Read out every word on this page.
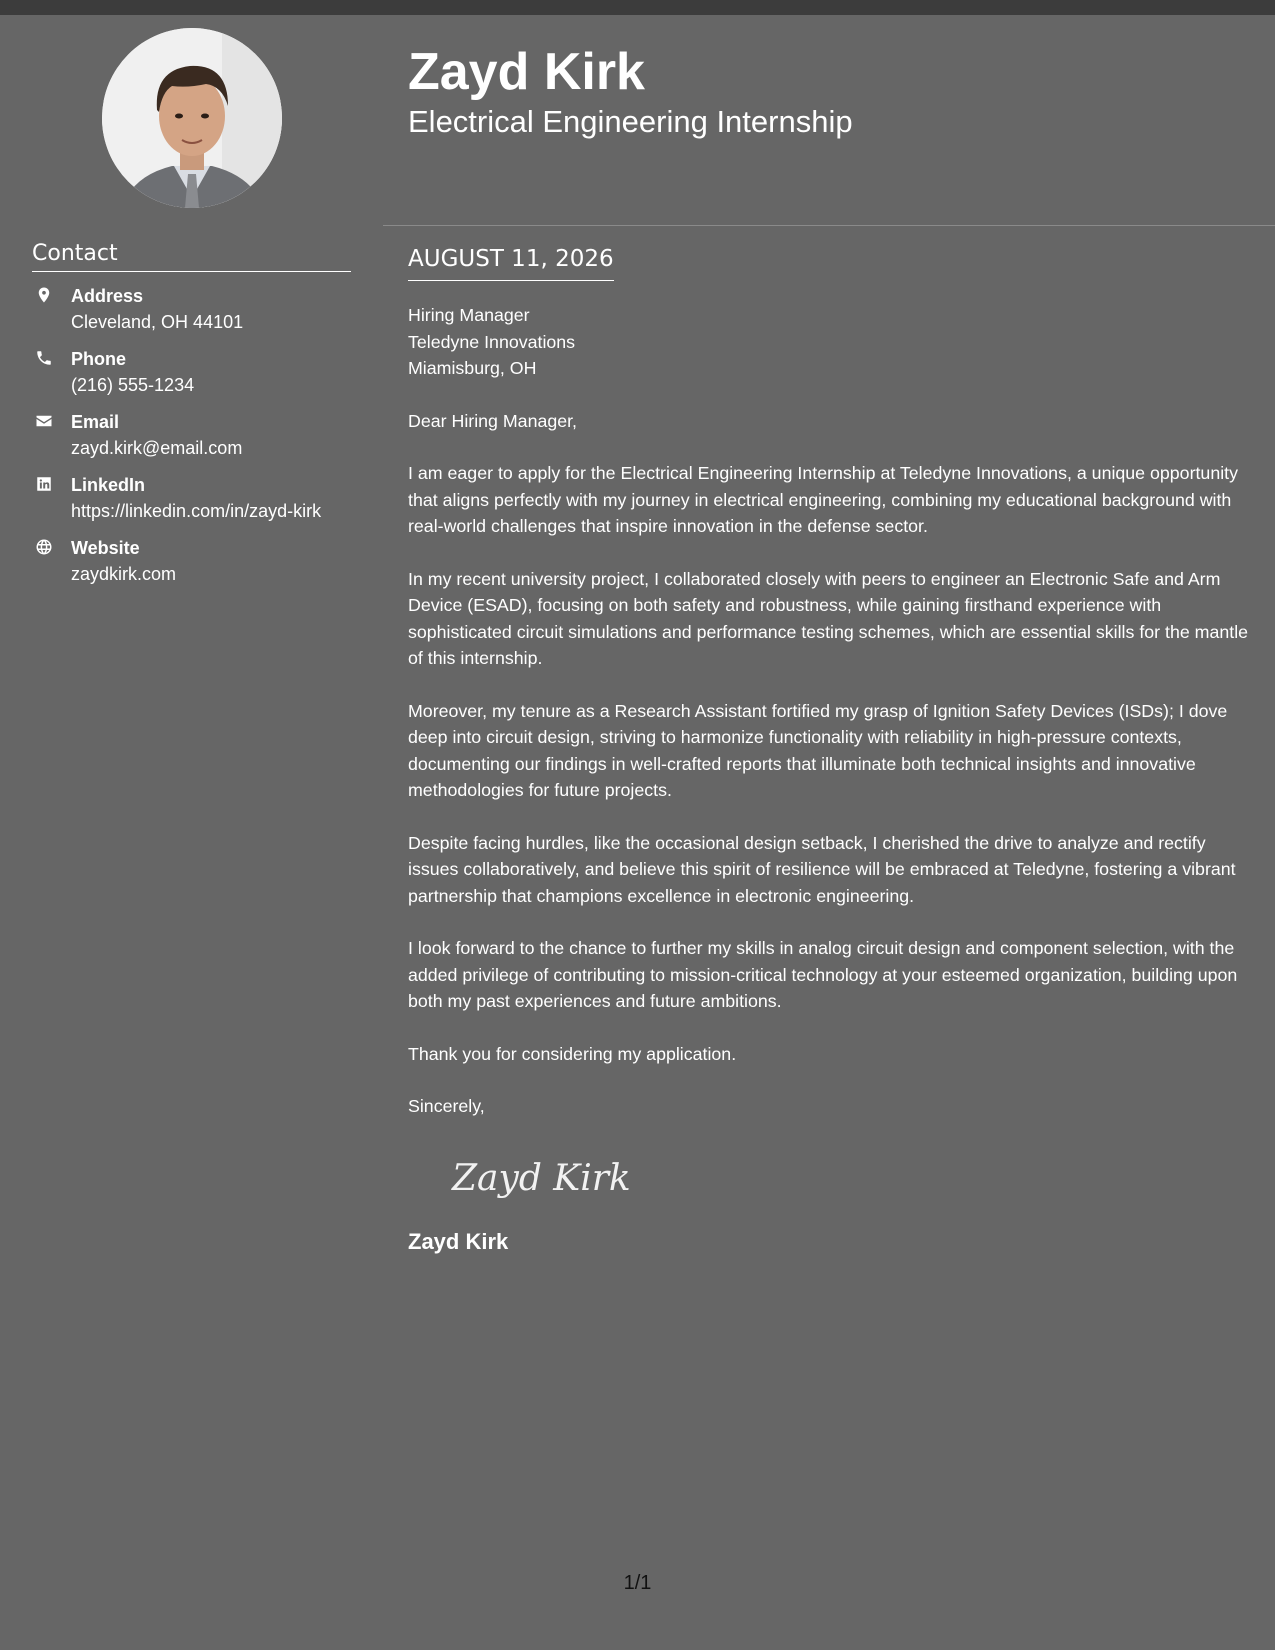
Contact
Address
Cleveland, OH 44101
Phone
(216) 555-1234
Email
zayd.kirk@email.com
LinkedIn
https://linkedin.com/in/zayd-kirk
Website
zaydkirk.com
Zayd Kirk
Electrical Engineering Internship
AUGUST 11, 2026

Hiring Manager
Teledyne Innovations
Miamisburg, OH

Dear Hiring Manager,

I am eager to apply for the Electrical Engineering Internship at Teledyne Innovations, a unique opportunity that aligns perfectly with my journey in electrical engineering, combining my educational background with real-world challenges that inspire innovation in the defense sector.

In my recent university project, I collaborated closely with peers to engineer an Electronic Safe and Arm Device (ESAD), focusing on both safety and robustness, while gaining firsthand experience with sophisticated circuit simulations and performance testing schemes, which are essential skills for the mantle of this internship.

Moreover, my tenure as a Research Assistant fortified my grasp of Ignition Safety Devices (ISDs); I dove deep into circuit design, striving to harmonize functionality with reliability in high-pressure contexts, documenting our findings in well-crafted reports that illuminate both technical insights and innovative methodologies for future projects.

Despite facing hurdles, like the occasional design setback, I cherished the drive to analyze and rectify issues collaboratively, and believe this spirit of resilience will be embraced at Teledyne, fostering a vibrant partnership that champions excellence in electronic engineering.

I look forward to the chance to further my skills in analog circuit design and component selection, with the added privilege of contributing to mission-critical technology at your esteemed organization, building upon both my past experiences and future ambitions.

Thank you for considering my application.

Sincerely,

Zayd Kirk
Zayd Kirk
1/1
